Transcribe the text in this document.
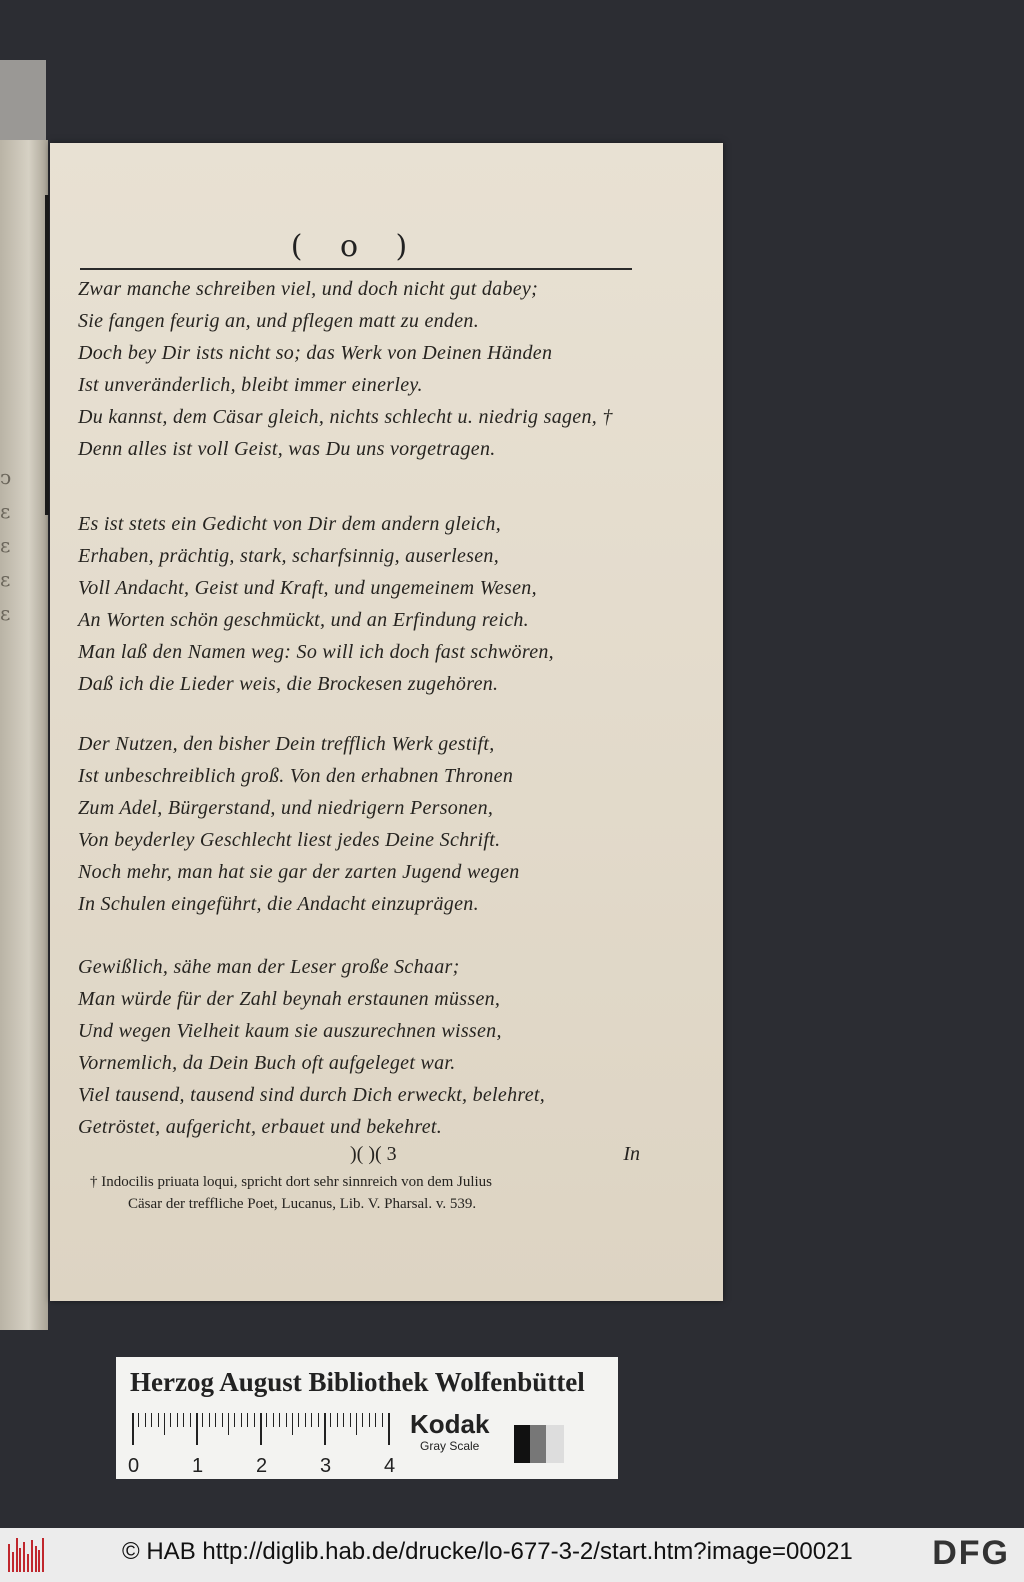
ↄ
ε
ε
ε
ε
( o )
Zwar manche schreiben viel, und doch nicht gut dabey;
Sie fangen feurig an, und pflegen matt zu enden.
Doch bey Dir ists nicht so; das Werk von Deinen Händen
Ist unveränderlich, bleibt immer einerley.
Du kannst, dem Cäsar gleich, nichts schlecht u. niedrig sagen, †
Denn alles ist voll Geist, was Du uns vorgetragen.
Es ist stets ein Gedicht von Dir dem andern gleich,
Erhaben, prächtig, stark, scharfsinnig, auserlesen,
Voll Andacht, Geist und Kraft, und ungemeinem Wesen,
An Worten schön geschmückt, und an Erfindung reich.
Man laß den Namen weg: So will ich doch fast schwören,
Daß ich die Lieder weis, die Brockesen zugehören.
Der Nutzen, den bisher Dein trefflich Werk gestift,
Ist unbeschreiblich groß. Von den erhabnen Thronen
Zum Adel, Bürgerstand, und niedrigern Personen,
Von beyderley Geschlecht liest jedes Deine Schrift.
Noch mehr, man hat sie gar der zarten Jugend wegen
In Schulen eingeführt, die Andacht einzuprägen.
Gewißlich, sähe man der Leser große Schaar;
Man würde für der Zahl beynah erstaunen müssen,
Und wegen Vielheit kaum sie auszurechnen wissen,
Vornemlich, da Dein Buch oft aufgeleget war.
Viel tausend, tausend sind durch Dich erweckt, belehret,
Getröstet, aufgericht, erbauet und bekehret.
)( )( 3	In
† Indocilis priuata loqui, spricht dort sehr sinnreich von dem Julius
Cäsar der treffliche Poet, Lucanus, Lib. V. Pharsal. v. 539.
Herzog August Bibliothek Wolfenbüttel
0	1	2	3	4
Kodak
Gray Scale
© HAB http://diglib.hab.de/drucke/lo-677-3-2/start.htm?image=00021 DFG
